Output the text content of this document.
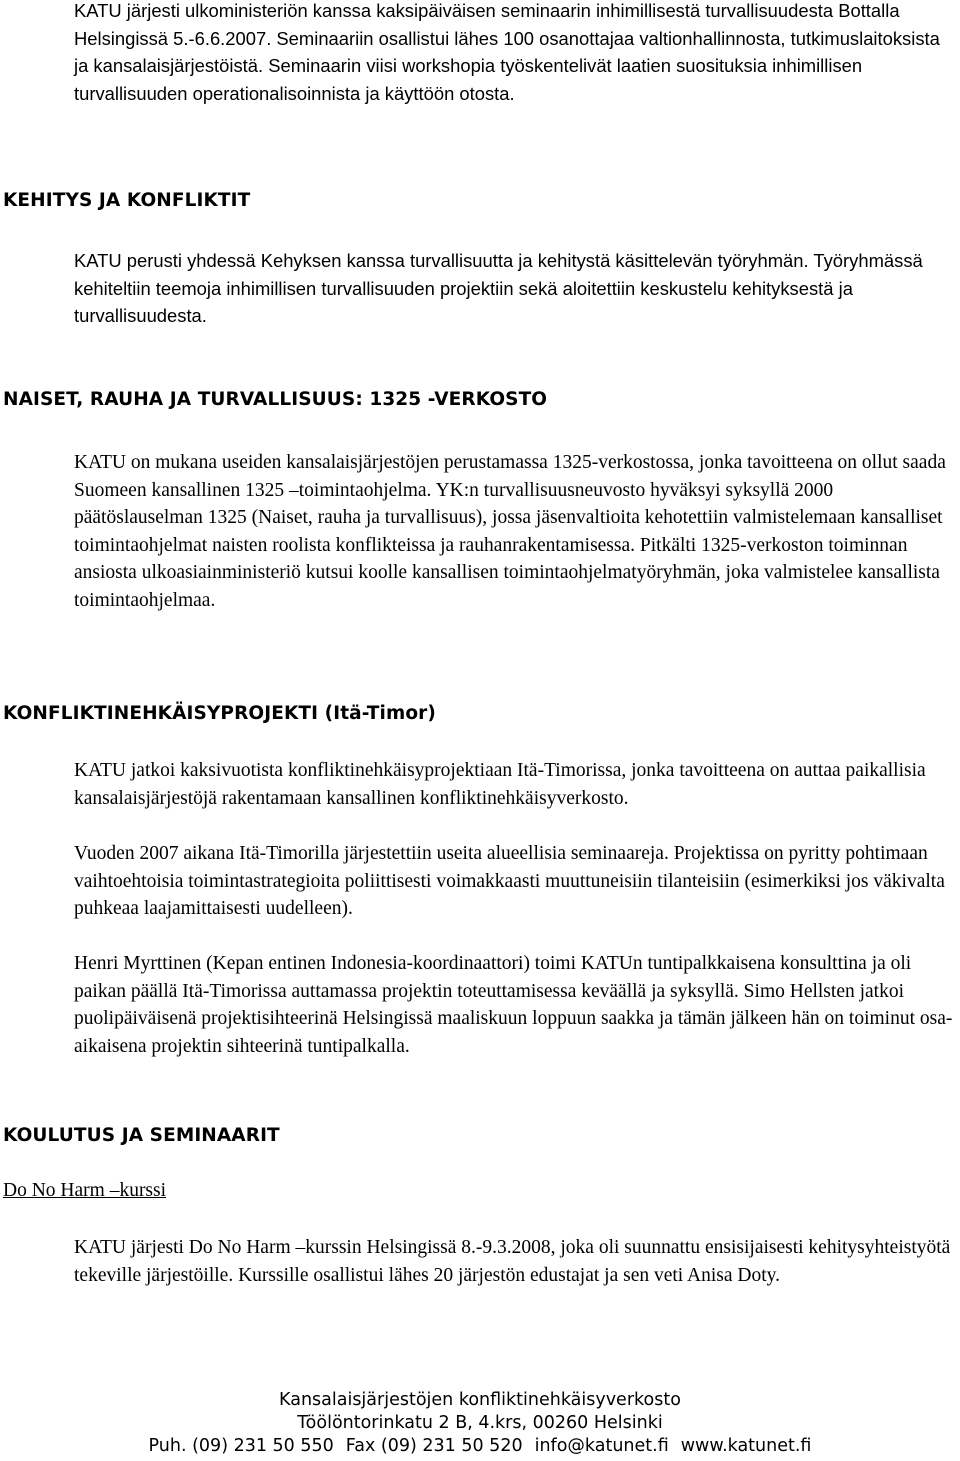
KATU järjesti ulkoministeriön kanssa kaksipäiväisen seminaarin inhimillisestä turvallisuudesta Bottalla Helsingissä 5.-6.6.2007. Seminaariin osallistui lähes 100 osanottajaa valtionhallinnosta, tutkimuslaitoksista ja kansalaisjärjestöistä. Seminaarin viisi workshopia työskentelivät laatien suosituksia inhimillisen turvallisuuden operationalisoinnista ja käyttöön otosta.

KEHITYS JA KONFLIKTIT

KATU perusti yhdessä Kehyksen kanssa turvallisuutta ja kehitystä käsittelevän työryhmän. Työryhmässä kehiteltiin teemoja inhimillisen turvallisuuden projektiin sekä aloitettiin keskustelu kehityksestä ja turvallisuudesta.

NAISET, RAUHA JA TURVALLISUUS: 1325 -VERKOSTO

KATU on mukana useiden kansalaisjärjestöjen perustamassa 1325-verkostossa, jonka tavoitteena on ollut saada Suomeen kansallinen 1325 –toimintaohjelma. YK:n turvallisuusneuvosto hyväksyi syksyllä 2000 päätöslauselman 1325 (Naiset, rauha ja turvallisuus), jossa jäsenvaltioita kehotettiin valmistelemaan kansalliset toimintaohjelmat naisten roolista konflikteissa ja rauhanrakentamisessa. Pitkälti 1325-verkoston toiminnan ansiosta ulkoasiainministeriö kutsui koolle kansallisen toimintaohjelmatyöryhmän, joka valmistelee kansallista toimintaohjelmaa.

KONFLIKTINEHKÄISYPROJEKTI (Itä-Timor)

KATU jatkoi kaksivuotista konfliktinehkäisyprojektiaan Itä-Timorissa, jonka tavoitteena on auttaa paikallisia kansalaisjärjestöjä rakentamaan kansallinen konfliktinehkäisyverkosto.

Vuoden 2007 aikana Itä-Timorilla järjestettiin useita alueellisia seminaareja. Projektissa on pyritty pohtimaan vaihtoehtoisia toimintastrategioita poliittisesti voimakkaasti muuttuneisiin tilanteisiin (esimerkiksi jos väkivalta puhkeaa laajamittaisesti uudelleen).

Henri Myrttinen (Kepan entinen Indonesia-koordinaattori) toimi KATUn tuntipalkkaisena konsulttina ja oli paikan päällä Itä-Timorissa auttamassa projektin toteuttamisessa keväällä ja syksyllä. Simo Hellsten jatkoi puolipäiväisenä projektisihteerinä Helsingissä maaliskuun loppuun saakka ja tämän jälkeen hän on toiminut osa-aikaisena projektin sihteerinä tuntipalkalla.

KOULUTUS JA SEMINAARIT

Do No Harm –kurssi

KATU järjesti Do No Harm –kurssin Helsingissä 8.-9.3.2008, joka oli suunnattu ensisijaisesti kehitysyhteistyötä tekeville järjestöille. Kurssille osallistui lähes 20 järjestön edustajat ja sen veti Anisa Doty.

Kansalaisjärjestöjen konfliktinehkäisyverkosto
Töölöntorinkatu 2 B, 4.krs, 00260 Helsinki
Puh. (09) 231 50 550 Fax (09) 231 50 520 info@katunet.fi www.katunet.fi
